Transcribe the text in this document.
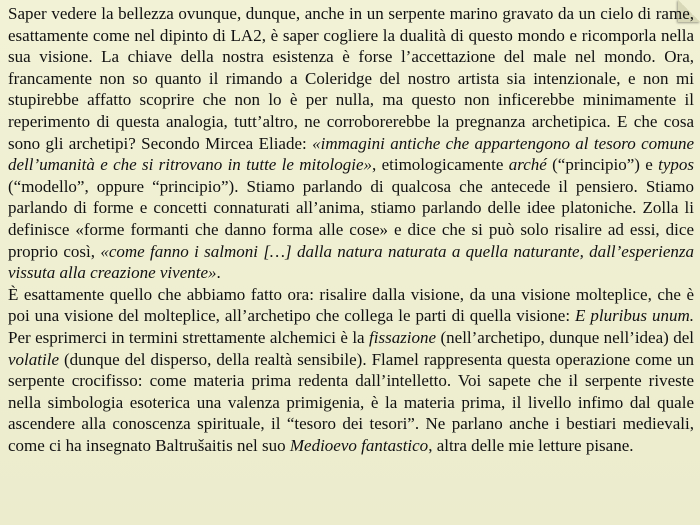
Saper vedere la bellezza ovunque, dunque, anche in un serpente marino gravato da un cielo di rame, esattamente come nel dipinto di LA2, è saper cogliere la dualità di questo mondo e ricomporla nella sua visione. La chiave della nostra esistenza è forse l’accettazione del male nel mondo. Ora, francamente non so quanto il rimando a Coleridge del nostro artista sia intenzionale, e non mi stupirebbe affatto scoprire che non lo è per nulla, ma questo non inficerebbe minimamente il reperimento di questa analogia, tutt’altro, ne corroborerebbe la pregnanza archetipica. E che cosa sono gli archetipi? Secondo Mircea Eliade: «immagini antiche che appartengono al tesoro comune dell’umanità e che si ritrovano in tutte le mitologie», etimologicamente arché (“principio”) e typos (“modello”, oppure “principio”). Stiamo parlando di qualcosa che antecede il pensiero. Stiamo parlando di forme e concetti connaturati all’anima, stiamo parlando delle idee platoniche. Zolla li definisce «forme formanti che danno forma alle cose» e dice che si può solo risalire ad essi, dice proprio così, «come fanno i salmoni […] dalla natura naturata a quella naturante, dall’esperienza vissuta alla creazione vivente».

È esattamente quello che abbiamo fatto ora: risalire dalla visione, da una visione molteplice, che è poi una visione del molteplice, all’archetipo che collega le parti di quella visione: E pluribus unum. Per esprimerci in termini strettamente alchemici è la fissazione (nell’archetipo, dunque nell’idea) del volatile (dunque del disperso, della realtà sensibile). Flamel rappresenta questa operazione come un serpente crocifisso: come materia prima redenta dall’intelletto. Voi sapete che il serpente riveste nella simbologia esoterica una valenza primigenia, è la materia prima, il livello infimo dal quale ascendere alla conoscenza spirituale, il “tesoro dei tesori”. Ne parlano anche i bestiari medievali, come ci ha insegnato Baltrušaitis nel suo Medioevo fantastico, altra delle mie letture pisane.
